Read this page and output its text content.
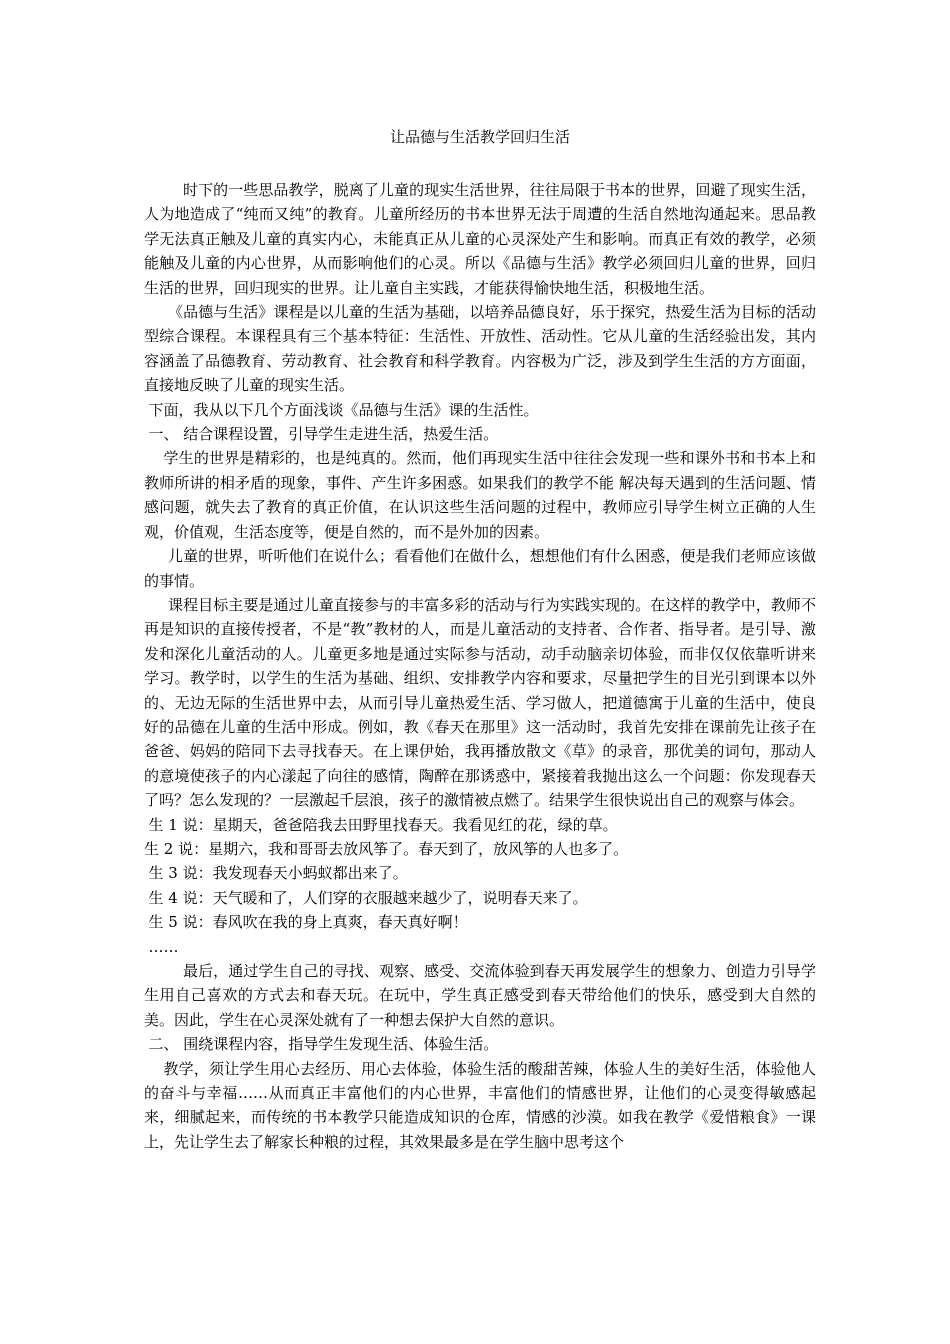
让品德与生活教学回归生活

时下的一些思品教学，脱离了儿童的现实生活世界，往往局限于书本的世界，回避了现实生活，人为地造成了“纯而又纯”的教育。儿童所经历的书本世界无法于周遭的生活自然地沟通起来。思品教学无法真正触及儿童的真实内心，未能真正从儿童的心灵深处产生和影响。而真正有效的教学，必须能触及儿童的内心世界，从而影响他们的心灵。所以《品德与生活》教学必须回归儿童的世界，回归生活的世界，回归现实的世界。让儿童自主实践，才能获得愉快地生活，积极地生活。

《品德与生活》课程是以儿童的生活为基础，以培养品德良好，乐于探究，热爱生活为目标的活动型综合课程。本课程具有三个基本特征：生活性、开放性、活动性。它从儿童的生活经验出发，其内容涵盖了品德教育、劳动教育、社会教育和科学教育。内容极为广泛，涉及到学生生活的方方面面，直接地反映了儿童的现实生活。

下面，我从以下几个方面浅谈《品德与生活》课的生活性。

一、 结合课程设置，引导学生走进生活，热爱生活。

学生的世界是精彩的，也是纯真的。然而，他们再现实生活中往往会发现一些和课外书和书本上和教师所讲的相矛盾的现象，事件、产生许多困惑。如果我们的教学不能 解决每天遇到的生活问题、情感问题，就失去了教育的真正价值，在认识这些生活问题的过程中，教师应引导学生树立正确的人生观，价值观，生活态度等，便是自然的，而不是外加的因素。

儿童的世界，听听他们在说什么；看看他们在做什么，想想他们有什么困惑，便是我们老师应该做的事情。

课程目标主要是通过儿童直接参与的丰富多彩的活动与行为实践实现的。在这样的教学中，教师不再是知识的直接传授者，不是“教”教材的人，而是儿童活动的支持者、合作者、指导者。是引导、激发和深化儿童活动的人。儿童更多地是通过实际参与活动，动手动脑亲切体验，而非仅仅依靠听讲来学习。教学时，以学生的生活为基础、组织、安排教学内容和要求，尽量把学生的目光引到课本以外的、无边无际的生活世界中去，从而引导儿童热爱生活、学习做人，把道德寓于儿童的生活中，使良好的品德在儿童的生活中形成。例如，教《春天在那里》这一活动时，我首先安排在课前先让孩子在爸爸、妈妈的陪同下去寻找春天。在上课伊始，我再播放散文《草》的录音，那优美的词句，那动人的意境使孩子的内心漾起了向往的感情，陶醉在那诱惑中，紧接着我抛出这么一个问题：你发现春天了吗？怎么发现的？一层激起千层浪，孩子的激情被点燃了。结果学生很快说出自己的观察与体会。

生 1 说：星期天，爸爸陪我去田野里找春天。我看见红的花，绿的草。

生 2 说：星期六，我和哥哥去放风筝了。春天到了，放风筝的人也多了。

生 3 说：我发现春天小蚂蚁都出来了。

生 4 说：天气暖和了，人们穿的衣服越来越少了，说明春天来了。

生 5 说：春风吹在我的身上真爽，春天真好啊！

……

最后，通过学生自己的寻找、观察、感受、交流体验到春天再发展学生的想象力、创造力引导学生用自己喜欢的方式去和春天玩。在玩中，学生真正感受到春天带给他们的快乐，感受到大自然的美。因此，学生在心灵深处就有了一种想去保护大自然的意识。

二、 围绕课程内容，指导学生发现生活、体验生活。

教学，须让学生用心去经历、用心去体验，体验生活的酸甜苦辣，体验人生的美好生活，体验他人的奋斗与幸福……从而真正丰富他们的内心世界，丰富他们的情感世界，让他们的心灵变得敏感起来，细腻起来，而传统的书本教学只能造成知识的仓库，情感的沙漠。如我在教学《爱惜粮食》一课上，先让学生去了解家长种粮的过程，其效果最多是在学生脑中思考这个
